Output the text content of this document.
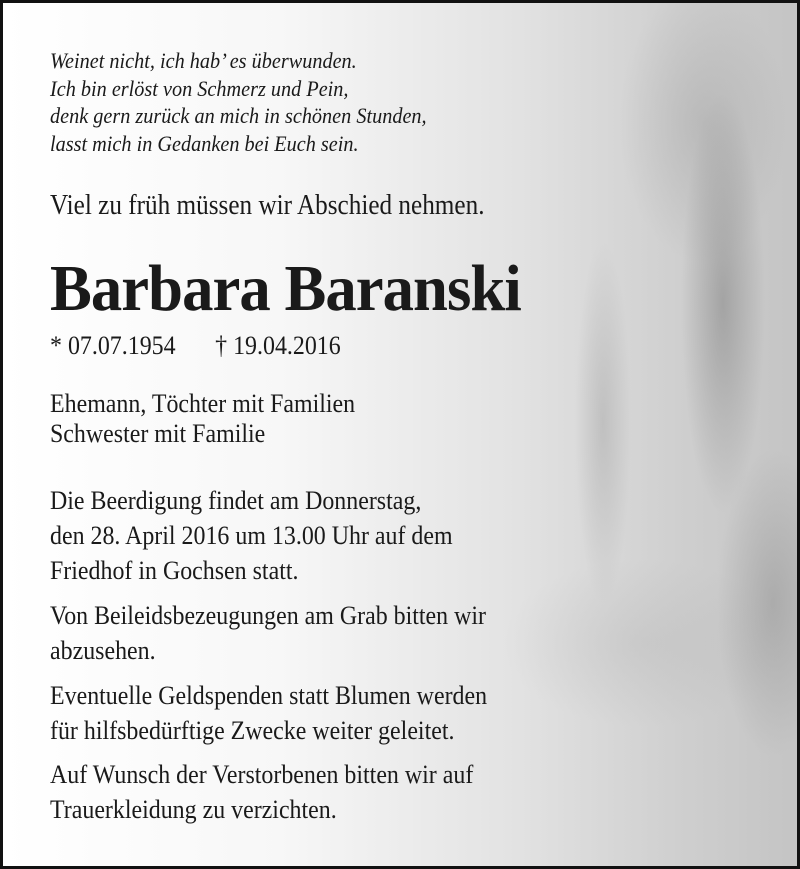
Weinet nicht, ich hab’ es überwunden.
Ich bin erlöst von Schmerz und Pein,
denk gern zurück an mich in schönen Stunden,
lasst mich in Gedanken bei Euch sein.
Viel zu früh müssen wir Abschied nehmen.
Barbara Baranski
* 07.07.1954 † 19.04.2016
Ehemann, Töchter mit Familien
Schwester mit Familie
Die Beerdigung findet am Donnerstag,
den 28. April 2016 um 13.00 Uhr auf dem
Friedhof in Gochsen statt.
Von Beileidsbezeugungen am Grab bitten wir
abzusehen.
Eventuelle Geldspenden statt Blumen werden
für hilfsbedürftige Zwecke weiter geleitet.
Auf Wunsch der Verstorbenen bitten wir auf
Trauerkleidung zu verzichten.
